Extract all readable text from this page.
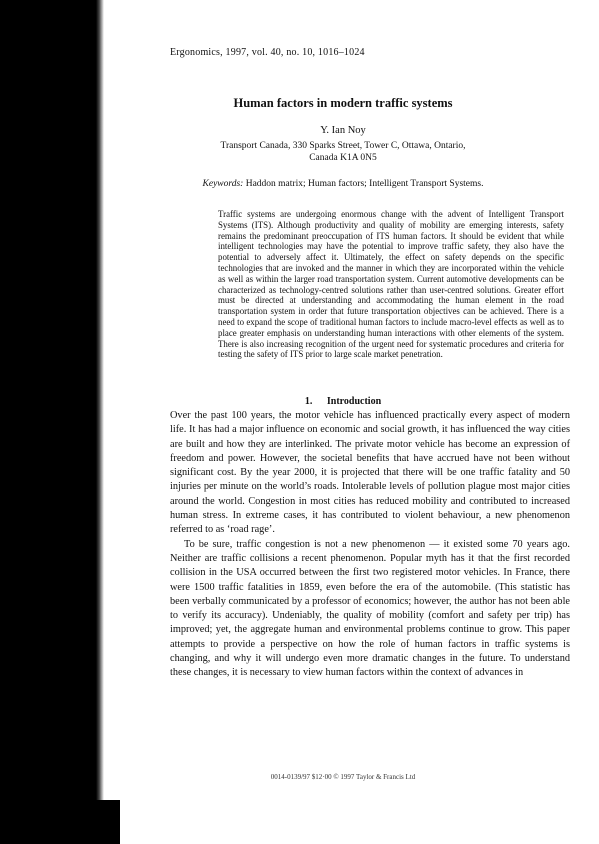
Ergonomics, 1997, vol. 40, no. 10, 1016–1024
Human factors in modern traffic systems
Y. Ian Noy
Transport Canada, 330 Sparks Street, Tower C, Ottawa, Ontario,
Canada K1A 0N5
Keywords: Haddon matrix; Human factors; Intelligent Transport Systems.
Traffic systems are undergoing enormous change with the advent of Intelligent Transport Systems (ITS). Although productivity and quality of mobility are emerging interests, safety remains the predominant preoccupation of ITS human factors. It should be evident that while intelligent technologies may have the potential to improve traffic safety, they also have the potential to adversely affect it. Ultimately, the effect on safety depends on the specific technologies that are invoked and the manner in which they are incorporated within the vehicle as well as within the larger road transportation system. Current automotive developments can be characterized as technology-centred solutions rather than user-centred solutions. Greater effort must be directed at understanding and accommodating the human element in the road transportation system in order that future transportation objectives can be achieved. There is a need to expand the scope of traditional human factors to include macro-level effects as well as to place greater emphasis on understanding human interactions with other elements of the system. There is also increasing recognition of the urgent need for systematic procedures and criteria for testing the safety of ITS prior to large scale market penetration.
1. Introduction

Over the past 100 years, the motor vehicle has influenced practically every aspect of modern life. It has had a major influence on economic and social growth, it has influenced the way cities are built and how they are interlinked. The private motor vehicle has become an expression of freedom and power. However, the societal benefits that have accrued have not been without significant cost. By the year 2000, it is projected that there will be one traffic fatality and 50 injuries per minute on the world’s roads. Intolerable levels of pollution plague most major cities around the world. Congestion in most cities has reduced mobility and contributed to increased human stress. In extreme cases, it has contributed to violent behaviour, a new phenomenon referred to as ‘road rage’.

To be sure, traffic congestion is not a new phenomenon — it existed some 70 years ago. Neither are traffic collisions a recent phenomenon. Popular myth has it that the first recorded collision in the USA occurred between the first two registered motor vehicles. In France, there were 1500 traffic fatalities in 1859, even before the era of the automobile. (This statistic has been verbally communicated by a professor of economics; however, the author has not been able to verify its accuracy). Undeniably, the quality of mobility (comfort and safety per trip) has improved; yet, the aggregate human and environmental problems continue to grow. This paper attempts to provide a perspective on how the role of human factors in traffic systems is changing, and why it will undergo even more dramatic changes in the future. To understand these changes, it is necessary to view human factors within the context of advances in

0014-0139/97 $12·00 © 1997 Taylor & Francis Ltd
